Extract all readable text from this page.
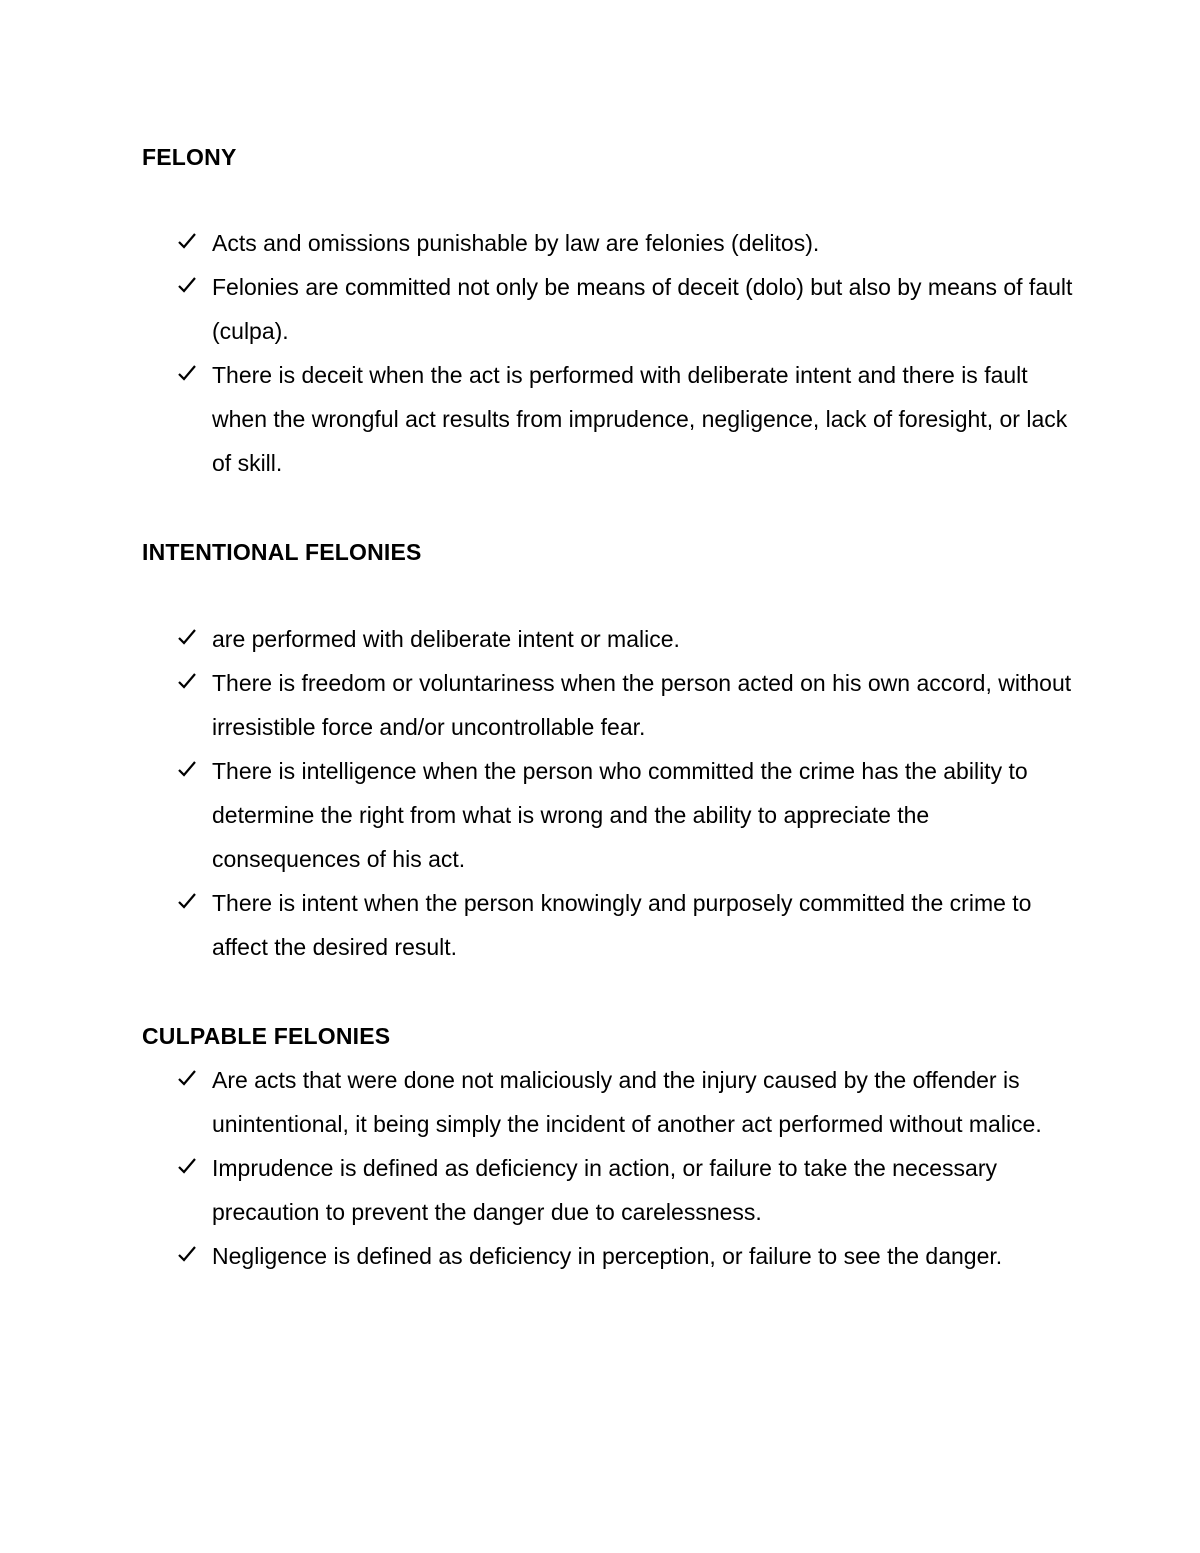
FELONY
Acts and omissions punishable by law are felonies (delitos).
Felonies are committed not only be means of deceit (dolo) but also by means of fault (culpa).
There is deceit when the act is performed with deliberate intent and there is fault when the wrongful act results from imprudence, negligence, lack of foresight, or lack of skill.
INTENTIONAL FELONIES
are performed with deliberate intent or malice.
There is freedom or voluntariness when the person acted on his own accord, without irresistible force and/or uncontrollable fear.
There is intelligence when the person who committed the crime has the ability to determine the right from what is wrong and the ability to appreciate the consequences of his act.
There is intent when the person knowingly and purposely committed the crime to affect the desired result.
CULPABLE FELONIES
Are acts that were done not maliciously and the injury caused by the offender is unintentional, it being simply the incident of another act performed without malice.
Imprudence is defined as deficiency in action, or failure to take the necessary precaution to prevent the danger due to carelessness.
Negligence is defined as deficiency in perception, or failure to see the danger.
